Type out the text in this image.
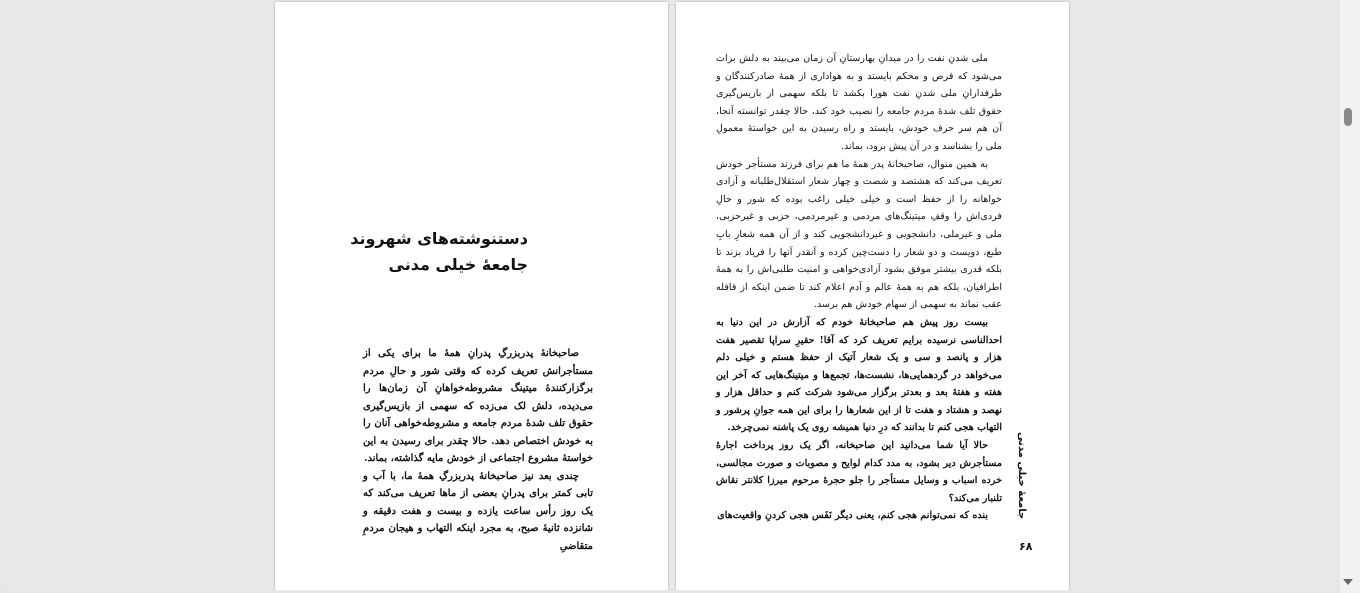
دستنوشته‌های شهروند
جامعهٔ خیلی مدنی

صاحبخانهٔ پدربزرگِ پدرانِ همهٔ ما برای یکی از مستأجرانش تعریف کرده که وقتی شور و حالِ مردم برگزارکنندهٔ میتینگ مشروطه‌خواهانِ آن زمان‌ها را می‌دیده، دلش لک می‌زده که سهمی از بازیس‌گیری حقوق تلف شدهٔ مردم جامعه و مشروطه‌خواهی آنان را به خودش اختصاص دهد. حالا چقدر برای رسیدن به این خواستهٔ مشروع اجتماعی از خودش مایه گذاشته، بماند.

چندی بعد نیز صاحبخانهٔ پدربزرگِ همهٔ ما، با آب و تابی کمتر برای پدرانِ بعضی از ماها تعریف می‌کند که یک روز رأس ساعت یازده و بیست و هفت دقیقه و شانزده ثانیهٔ صبح، به مجرد اینکه التهاب و هیجان مردمِ متقاضیِ

ملی شدنِ نفت را در میدانِ بهارستانِ آن زمان می‌بیند به دلش برات می‌شود که قرص و محکم بایستد و به هواداری از همهٔ صادرکنندگان و طرفدارانِ ملی شدنِ نفت هورا بکشد تا بلکه سهمی از بازیس‌گیری حقوق تلف شدهٔ مردم جامعه را نصیب خود کند، حالا چقدر توانسته آنجا، آن هم سر حرف خودش، بایستد و راه رسیدن به این خواستهٔ معمولِ ملی را بشناسد و در آن پیش برود، بماند.

به همین منوال، صاحبخانهٔ پدر همهٔ ما هم برای فرزند مستأجر خودش تعریف می‌کند که هشتصد و شصت و چهار شعار استقلال‌طلبانه و آزادی خواهانه را از حفظ است و خیلی خیلی راغب بوده که شور و حالِ فردی‌اش را وقفِ میتینگ‌های مردمی و غیرمردمی، حزبی و غیرحزبی، ملی و غیرملی، دانشجویی و غیردانشجویی کند و از آن همه شعارِ بابِ طبع، دویست و دو شعار را دست‌چین کرده و آنقدر آنها را فریاد بزند تا بلکه قدری بیشتر موفق بشود آزادی‌خواهی و امنیت طلبی‌اش را به همهٔ اطرافیان، بلکه هم به همهٔ عالم و آدم اعلام کند تا ضمن اینکه از قافله عقب نماند به سهمی از سهام خودش هم برسد.

بیست روز پیش هم صاحبخانهٔ خودم که آزارش در این دنیا به احدالناسی نرسیده برایم تعریف کرد که آقا! حقیرِ سراپا تقصیر هفت هزار و پانصد و سی و یک شعار آتیک از حفظ هستم و خیلی دلم می‌خواهد در گردهمایی‌ها، نشست‌ها، تجمع‌ها و میتینگ‌هایی که آخر این هفته و هفتهٔ بعد و بعدتر برگزار می‌شود شرکت کنم و حداقل هزار و نهصد و هشتاد و هفت تا از این شعارها را برای این همه جوانِ پرشور و التهاب هجی کنم تا بدانند که درِ دنیا همیشه روی یک پاشنه نمی‌چرخد.

حالا آیا شما می‌دانید این صاحبخانه، اگر یک روز پرداخت اجارهٔ مستأجرش دیر بشود، به مدد کدام لوایح و مصوبات و صورت مجالسی، خرده اسباب و وسایل مستأجر را جلو حجرهٔ مرحوم میرزا کلانتر نقاش تلنبار می‌کند؟

بنده که نمی‌توانم هجی کنم، یعنی دیگر نَفَس هجی کردنِ واقعیت‌های	جامعهٔ خیلی مدنی
۶۸
